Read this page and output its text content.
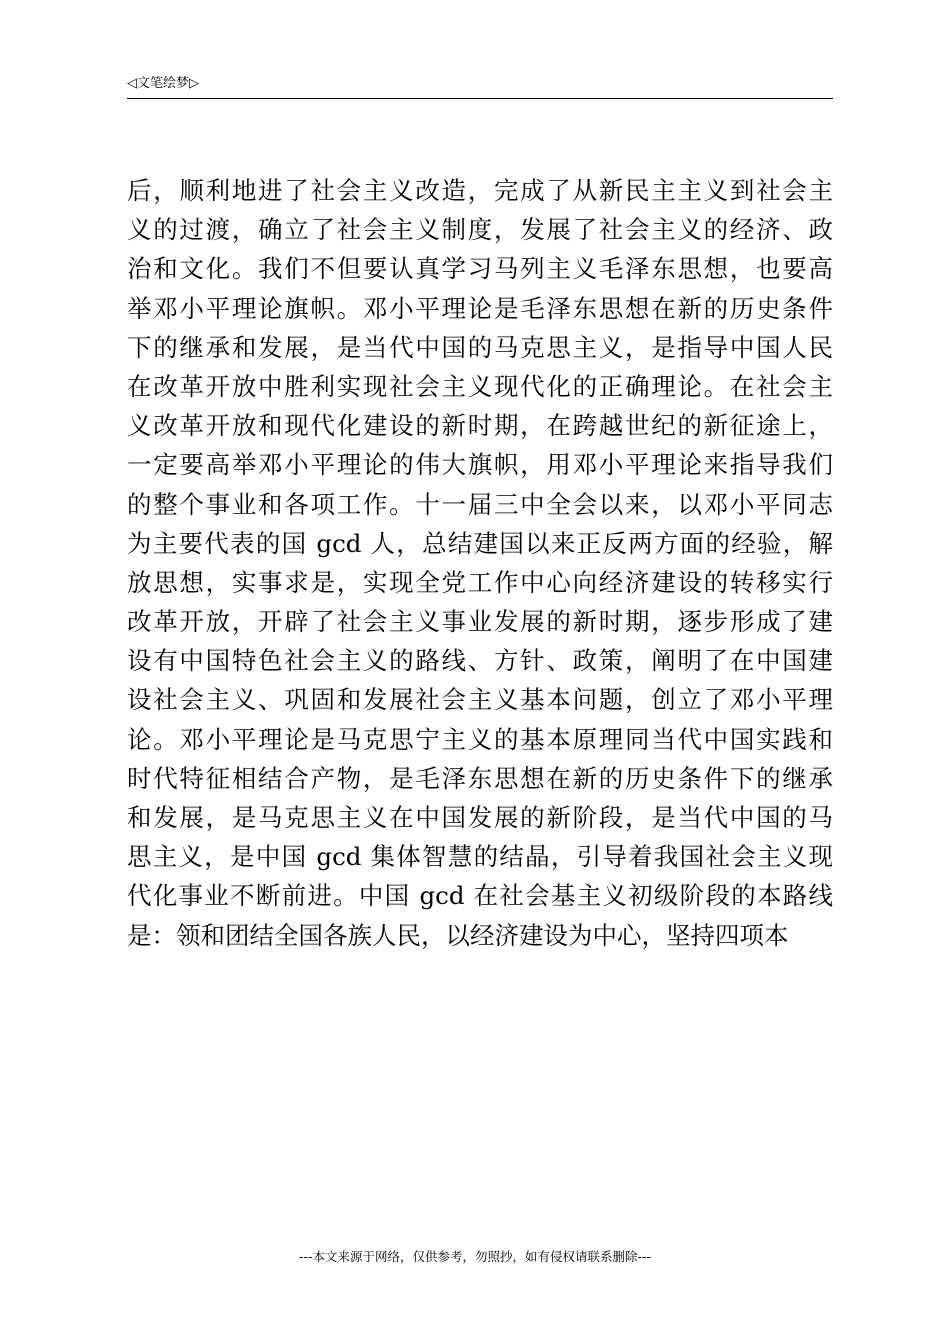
◁文笔绘梦▷
后，顺利地进了社会主义改造，完成了从新民主主义到社会主
义的过渡，确立了社会主义制度，发展了社会主义的经济、政
治和文化。我们不但要认真学习马列主义毛泽东思想，也要高
举邓小平理论旗帜。邓小平理论是毛泽东思想在新的历史条件
下的继承和发展，是当代中国的马克思主义，是指导中国人民
在改革开放中胜利实现社会主义现代化的正确理论。在社会主
义改革开放和现代化建设的新时期，在跨越世纪的新征途上，
一定要高举邓小平理论的伟大旗帜，用邓小平理论来指导我们
的整个事业和各项工作。十一届三中全会以来，以邓小平同志
为主要代表的国 gcd 人，总结建国以来正反两方面的经验，解
放思想，实事求是，实现全党工作中心向经济建设的转移实行
改革开放，开辟了社会主义事业发展的新时期，逐步形成了建
设有中国特色社会主义的路线、方针、政策，阐明了在中国建
设社会主义、巩固和发展社会主义基本问题，创立了邓小平理
论。邓小平理论是马克思宁主义的基本原理同当代中国实践和
时代特征相结合产物，是毛泽东思想在新的历史条件下的继承
和发展，是马克思主义在中国发展的新阶段，是当代中国的马
思主义，是中国 gcd 集体智慧的结晶，引导着我国社会主义现
代化事业不断前进。中国 gcd 在社会基主义初级阶段的本路线
是：领和团结全国各族人民，以经济建设为中心，坚持四项本
---本文来源于网络，仅供参考，勿照抄，如有侵权请联系删除---
